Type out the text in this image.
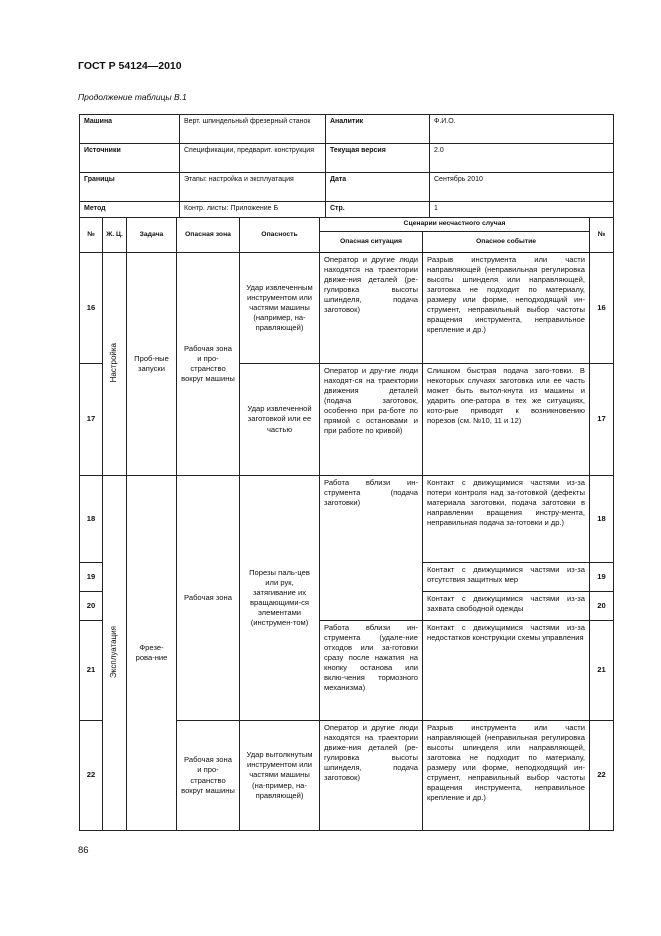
ГОСТ Р 54124—2010
Продолжение таблицы В.1
Машина	Верт. шпиндельный фрезерный станок	Аналитик	Ф.И.О.
Источники	Спецификации, предварит. конструкция	Текущая версия	2.0
Границы	Этапы: настройка и эксплуатация	Дата	Сентябрь 2010
Метод	Контр. листы: Приложение Б	Стр.	1
№	Ж. Ц.	Задача	Опасная зона	Опасность	Сценарии несчастного случая		№
					Опасная ситуация	Опасное событие	
16	Настройка	Проб-ные запуски	Рабочая зона и про-странство вокруг машины	Удар извлеченным инструментом или частями машины (например, на-правляющей)	Оператор и другие люди находятся на траектории движе-ния деталей (ре-гулировка высоты шпинделя, подача заготовок)	Разрыв инструмента или части направляющей (неправильная регулировка высоты шпинделя или направляющей, заготовка не подходит по материалу, размеру или форме, неподходящий ин-струмент, неправильный выбор частоты вращения инструмента, неправильное крепление и др.)	16
17				Удар извлеченной заготовкой или ее частью	Оператор и дру-гие люди находят-ся на траектории движения деталей (подача заготовок, особенно при ра-боте по прямой с остановами и при работе по кривой)	Слишком быстрая подача заго-товки. В некоторых случаях заготовка или ее часть может быть вытол-кнута из машины и ударить опе-ратора в тех же ситуациях, кото-рые приводят к возникновению порезов (см. №10, 11 и 12)	17
18	Эксплуатация	Фрезе-рова-ние	Рабочая зона	Порезы паль-цев или рук, затягивание их вращающими-ся элементами (инструмен-том)	Работа вблизи ин-струмента (подача заготовки)	Контакт с движущимися частями из-за потери контроля над за-готовкой (дефекты материала заготовки, подача заготовки в направлении вращения инстру-мента, неправильная подача за-готовки и др.)	18
19						Контакт с движущимися частями из-за отсутствия защитных мер	19
20						Контакт с движущимися частями из-за захвата свободной одежды	20
21					Работа вблизи ин-струмента (удале-ние отходов или за-готовки сразу после нажатия на кнопку останова или вклю-чения тормозного механизма)	Контакт с движущимися частями из-за недостатков конструкции схемы управления	21
22			Рабочая зона и про-странство вокруг машины	Удар вытолкнутым инструментом или частями машины (на-пример, на-правляющей)	Оператор и другие люди находятся на траектории движе-ния деталей (ре-гулировка высоты шпинделя, подача заготовок)	Разрыв инструмента или части направляющей (неправильная регулировка высоты шпинделя или направляющей, заготовка не подходит по материалу, размеру или форме, неподходящий ин-струмент, неправильный выбор частоты вращения инструмента, неправильное крепление и др.)	22
86
